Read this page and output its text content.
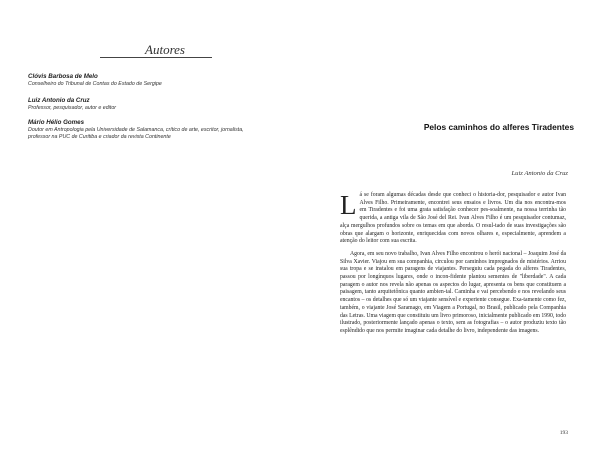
Autores
Clóvis Barbosa de Melo
Conselheiro do Tribunal de Contas do Estado de Sergipe
Luiz Antonio da Cruz
Professor, pesquisador, autor e editor
Mário Hélio Gomes
Doutor em Antropologia pela Universidade de Salamanca, crítico de arte, escritor, jornalista, professor na PUC de Curitiba e criador da revista Continente
Pelos caminhos do alferes Tiradentes
Luiz Antonio da Cruz

Lá se foram algumas décadas desde que conheci o historia-dor, pesquisador e autor Ivan Alves Filho. Primeiramente, encontrei seus ensaios e livros. Um dia nos encontra-mos em Tiradentes e foi uma grata satisfação conhecer pes-soalmente, na nossa terrinha tão querida, a antiga vila de São José del Rei. Ivan Alves Filho é um pesquisador contumaz, alça mergulhos profundos sobre os temas em que aborda. O resul-tado de suas investigações são obras que alargam o horizonte, enriquecidas com novos olhares e, especialmente, aprendem a atenção do leitor com sua escrita.

Agora, em seu novo trabalho, Ivan Alves Filho encontrou o herói nacional – Joaquim José da Silva Xavier. Viajou em sua companhia, circulou por caminhos impregnados de mistérios. Arriou sua tropa e se instalou em paragens de viajantes. Perseguiu cada pegada do alferes Tiradentes, passou por longínquos lugares, onde o incon-fidente plantou sementes de "liberdade". A cada paragem o autor nos revela não apenas os aspectos do lugar, apresenta os bens que constituem a paisagem, tanto arquitetônica quanto ambien-tal. Caminha e vai percebendo e nos revelando seus encantos – os detalhes que só um viajante sensível e experiente consegue. Exa-tamente como fez, também, o viajante José Saramago, em Viagem a Portugal, no Brasil, publicado pela Companhia das Letras. Uma viagem que constituiu um livro primoroso, inicialmente publicado em 1990, todo ilustrado, posteriormente lançado apenas o texto, sem as fotografias – o autor produziu texto tão esplêndido que nos permite imaginar cada detalhe do livro, independente das imagens.

193
